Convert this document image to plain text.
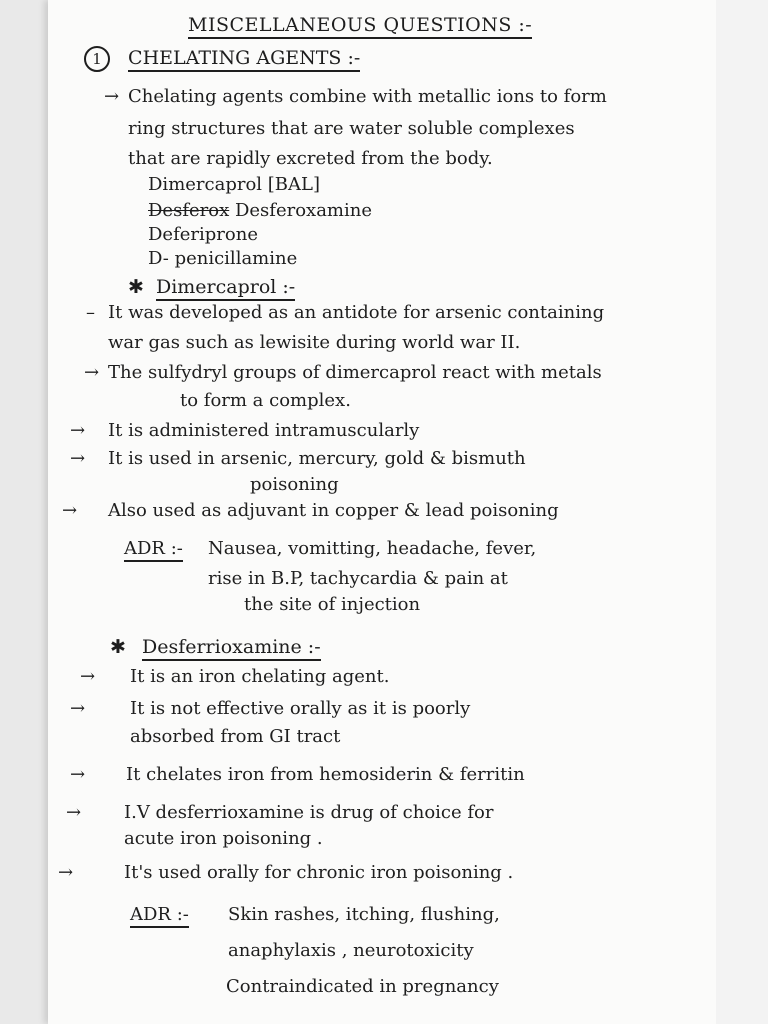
MISCELLANEOUS QUESTIONS :-
1 CHELATING AGENTS :-
→ Chelating agents combine with metallic ions to form
ring structures that are water soluble complexes
that are rapidly excreted from the body.
Dimercaprol [BAL]
Desferox Desferoxamine
Deferiprone
D- penicillamine
✱ Dimercaprol :-
– It was developed as an antidote for arsenic containing
war gas such as lewisite during world war II.
→ The sulfydryl groups of dimercaprol react with metals
to form a complex.
→ It is administered intramuscularly
→ It is used in arsenic, mercury, gold & bismuth
poisoning
→ Also used as adjuvant in copper & lead poisoning
ADR :- Nausea, vomitting, headache, fever,
rise in B.P, tachycardia & pain at
the site of injection
✱ Desferrioxamine :-
→ It is an iron chelating agent.
→ It is not effective orally as it is poorly
absorbed from GI tract
→ It chelates iron from hemosiderin & ferritin
→ I.V desferrioxamine is drug of choice for
acute iron poisoning .
→	It's used orally for chronic iron poisoning .
ADR :- Skin rashes, itching, flushing,
anaphylaxis , neurotoxicity
Contraindicated in pregnancy
